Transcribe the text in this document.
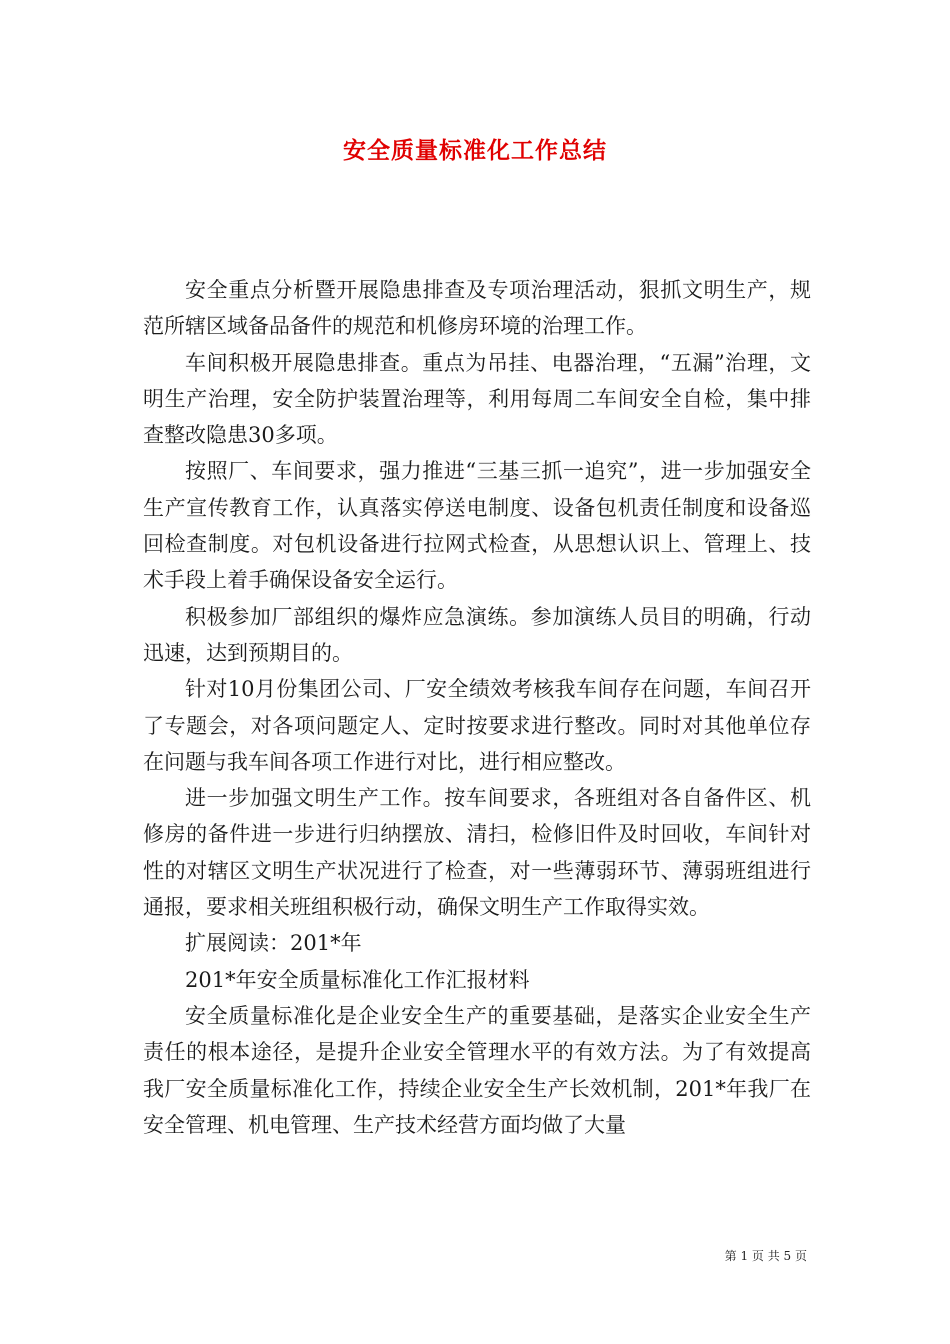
安全质量标准化工作总结

安全重点分析暨开展隐患排查及专项治理活动，狠抓文明生产，规范所辖区域备品备件的规范和机修房环境的治理工作。

车间积极开展隐患排查。重点为吊挂、电器治理，“五漏”治理，文明生产治理，安全防护装置治理等，利用每周二车间安全自检，集中排查整改隐患30多项。

按照厂、车间要求，强力推进“三基三抓一追究”，进一步加强安全生产宣传教育工作，认真落实停送电制度、设备包机责任制度和设备巡回检查制度。对包机设备进行拉网式检查，从思想认识上、管理上、技术手段上着手确保设备安全运行。

积极参加厂部组织的爆炸应急演练。参加演练人员目的明确，行动迅速，达到预期目的。

针对10月份集团公司、厂安全绩效考核我车间存在问题，车间召开了专题会，对各项问题定人、定时按要求进行整改。同时对其他单位存在问题与我车间各项工作进行对比，进行相应整改。

进一步加强文明生产工作。按车间要求，各班组对各自备件区、机修房的备件进一步进行归纳摆放、清扫，检修旧件及时回收，车间针对性的对辖区文明生产状况进行了检查，对一些薄弱环节、薄弱班组进行通报，要求相关班组积极行动，确保文明生产工作取得实效。

扩展阅读：201*年

201*年安全质量标准化工作汇报材料

安全质量标准化是企业安全生产的重要基础，是落实企业安全生产责任的根本途径，是提升企业安全管理水平的有效方法。为了有效提高我厂安全质量标准化工作，持续企业安全生产长效机制，201*年我厂在安全管理、机电管理、生产技术经营方面均做了大量

第 1 页 共 5 页
